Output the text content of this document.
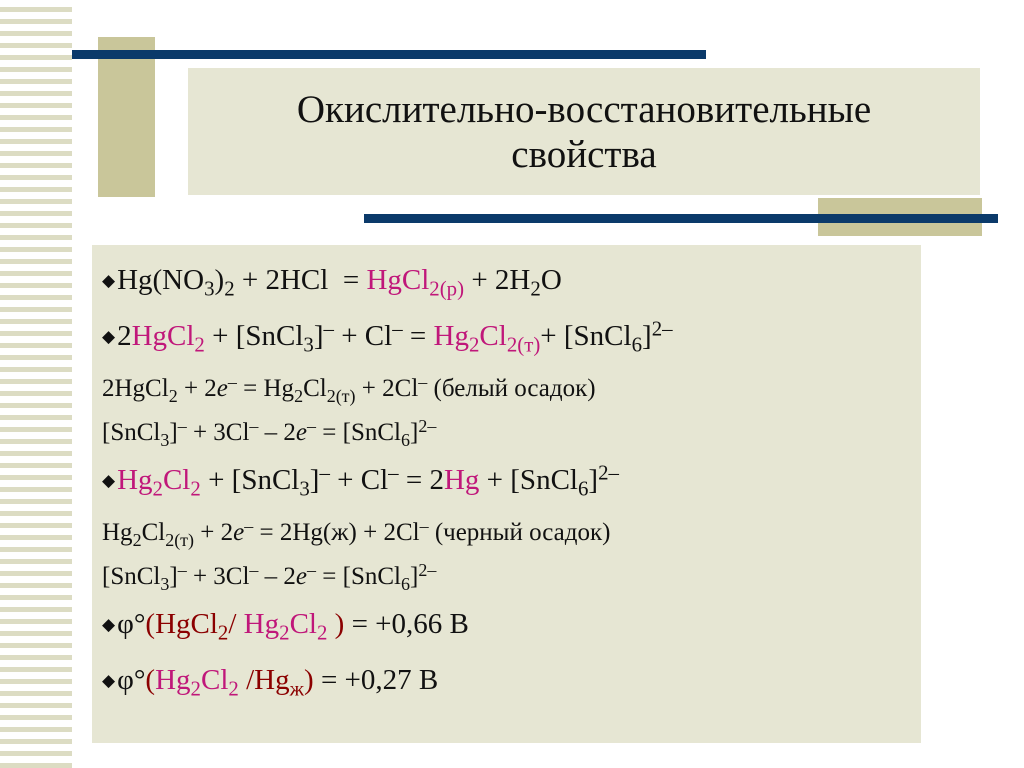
Окислительно-восстановительные
свойства
$◆Hg(NO_3)_2 + 2HCl$  = HgCl$_{2(р)}$ + $2H_2O$
◆2HgCl$_2$ + [SnCl$_3$]– + $Cl^- = Hg_2Cl_{2(т)}+$ [SnCl$_6$]$^{2-}$
2HgCl$_2$ + $2e^- = Hg_2Cl_{2(т)} + 2Cl^-$ (белый осадок)
[SnCl$_3$]– + 3Cl– – 2e– = [SnCl$_6$]$^{2-}$
$◆Hg_2Cl_2$ + [SnCl$_3$]– + Cl– = 2Hg + [SnCl$_6$]$^{2-}$
$Hg_2Cl_{2(т)} + 2e^- = 2Hg(ж) + 2Cl^-$ (черный осадок)
[SnCl$_3$]– + 3Cl– – 2e– = [SnCl$_6$]$^{2-}$
◆φ°(HgCl$_2$/ $Hg_2Cl_2$ ) = +0,66 В
$◆\varphi^\circ(Hg_2Cl_2$ $/Hg_ж) = +0,27$ В
